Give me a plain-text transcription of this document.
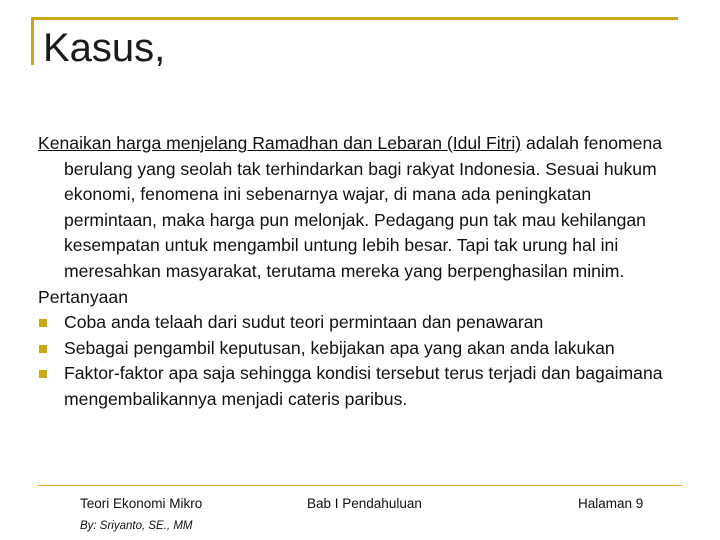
Kasus,

Kenaikan harga menjelang Ramadhan dan Lebaran (Idul Fitri) adalah fenomena berulang yang seolah tak terhindarkan bagi rakyat Indonesia. Sesuai hukum ekonomi, fenomena ini sebenarnya wajar, di mana ada peningkatan permintaan, maka harga pun melonjak. Pedagang pun tak mau kehilangan kesempatan untuk mengambil untung lebih besar. Tapi tak urung hal ini meresahkan masyarakat, terutama mereka yang berpenghasilan minim.

Pertanyaan

Coba anda telaah dari sudut teori permintaan dan penawaran
Sebagai pengambil keputusan, kebijakan apa yang akan anda lakukan
Faktor-faktor apa saja sehingga kondisi tersebut terus terjadi dan bagaimana mengembalikannya menjadi cateris paribus.
Teori Ekonomi Mikro	Bab I Pendahuluan	Halaman 9
By: Sriyanto, SE., MM
